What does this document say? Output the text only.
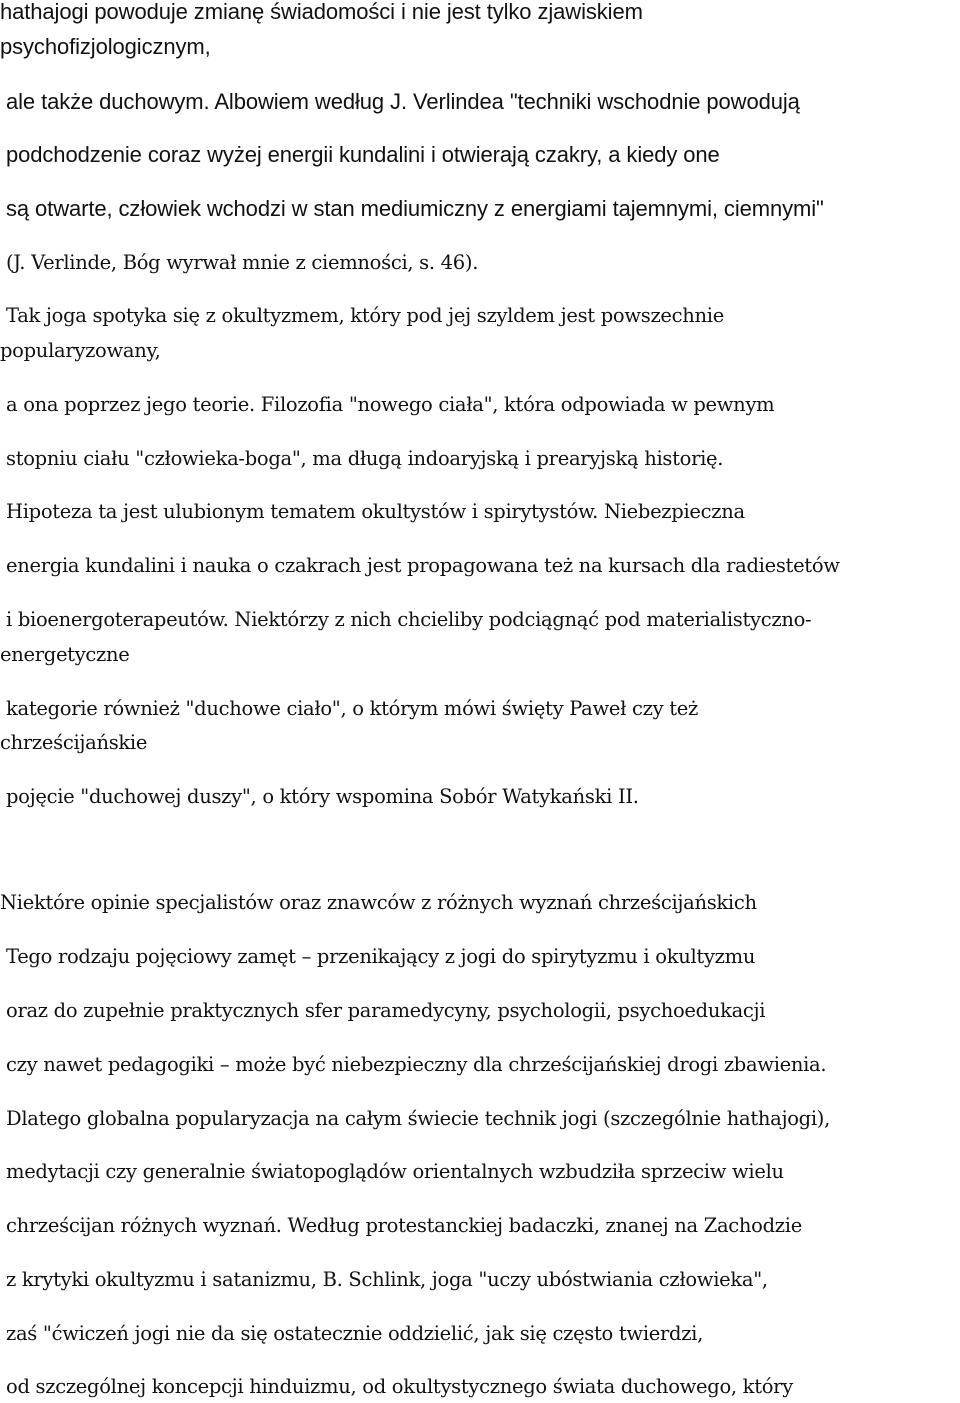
hathajogi powoduje zmianę świadomości i nie jest tylko zjawiskiem
psychofizjologicznym,
ale także duchowym. Albowiem według J. Verlindea "techniki wschodnie powodują
podchodzenie coraz wyżej energii kundalini i otwierają czakry, a kiedy one
są otwarte, człowiek wchodzi w stan mediumiczny z energiami tajemnymi, ciemnymi"
(J. Verlinde, Bóg wyrwał mnie z ciemności, s. 46).
Tak joga spotyka się z okultyzmem, który pod jej szyldem jest powszechnie
popularyzowany,
a ona poprzez jego teorie. Filozofia "nowego ciała", która odpowiada w pewnym
stopniu ciału "człowieka-boga", ma długą indoaryjską i prearyjską historię.
Hipoteza ta jest ulubionym tematem okultystów i spirytystów. Niebezpieczna
energia kundalini i nauka o czakrach jest propagowana też na kursach dla radiestetów
i bioenergoterapeutów. Niektórzy z nich chcieliby podciągnąć pod materialistyczno-
energetyczne
kategorie również "duchowe ciało", o którym mówi święty Paweł czy też
chrześcijańskie
pojęcie "duchowej duszy", o który wspomina Sobór Watykański II.
Niektóre opinie specjalistów oraz znawców z różnych wyznań chrześcijańskich
Tego rodzaju pojęciowy zamęt – przenikający z jogi do spirytyzmu i okultyzmu
oraz do zupełnie praktycznych sfer paramedycyny, psychologii, psychoedukacji
czy nawet pedagogiki – może być niebezpieczny dla chrześcijańskiej drogi zbawienia.
Dlatego globalna popularyzacja na całym świecie technik jogi (szczególnie hathajogi),
medytacji czy generalnie światopoglądów orientalnych wzbudziła sprzeciw wielu
chrześcijan różnych wyznań. Według protestanckiej badaczki, znanej na Zachodzie
z krytyki okultyzmu i satanizmu, B. Schlink, joga "uczy ubóstwiania człowieka",
zaś "ćwiczeń jogi nie da się ostatecznie oddzielić, jak się często twierdzi,
od szczególnej koncepcji hinduizmu, od okultystycznego świata duchowego, który
